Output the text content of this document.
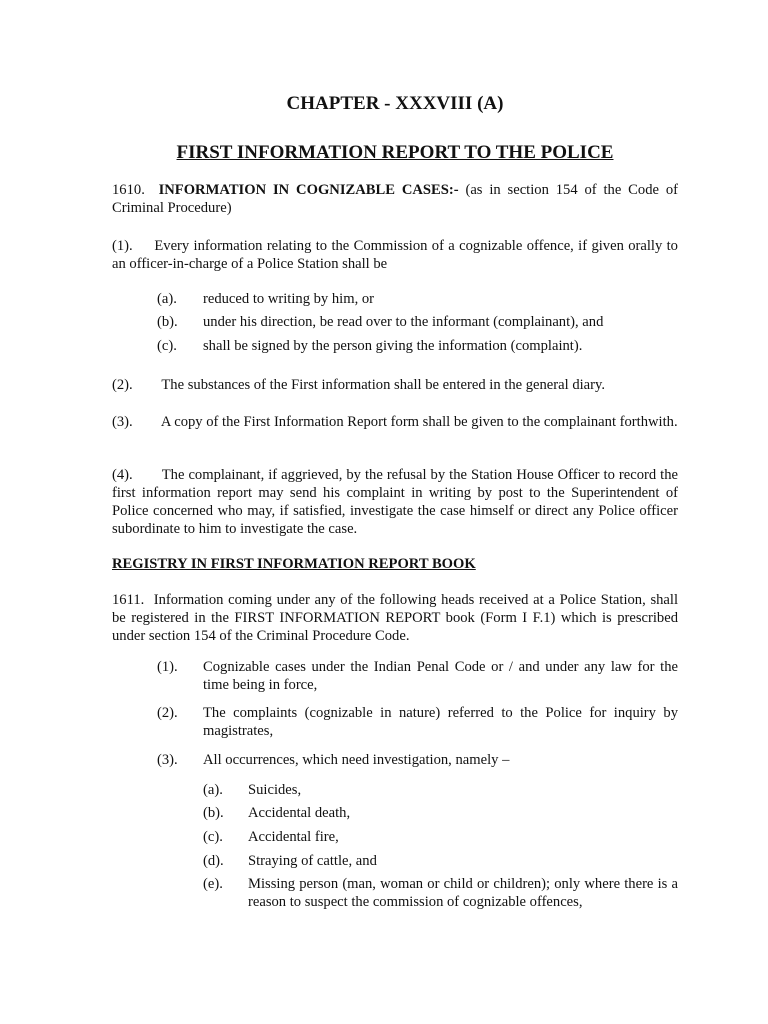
CHAPTER - XXXVIII (A)
FIRST INFORMATION REPORT TO THE POLICE
1610. INFORMATION IN COGNIZABLE CASES:- (as in section 154 of the Code of Criminal Procedure)
(1). Every information relating to the Commission of a cognizable offence, if given orally to an officer-in-charge of a Police Station shall be
(a).	reduced to writing by him, or
(b).	under his direction, be read over to the informant (complainant), and
(c).	shall be signed by the person giving the information (complaint).
(2). The substances of the First information shall be entered in the general diary.
(3). A copy of the First Information Report form shall be given to the complainant forthwith.
(4). The complainant, if aggrieved, by the refusal by the Station House Officer to record the first information report may send his complaint in writing by post to the Superintendent of Police concerned who may, if satisfied, investigate the case himself or direct any Police officer subordinate to him to investigate the case.
REGISTRY IN FIRST INFORMATION REPORT BOOK
1611. Information coming under any of the following heads received at a Police Station, shall be registered in the FIRST INFORMATION REPORT book (Form I F.1) which is prescribed under section 154 of the Criminal Procedure Code.
(1).	Cognizable cases under the Indian Penal Code or / and under any law for the time being in force,
(2).	The complaints (cognizable in nature) referred to the Police for inquiry by magistrates,
(3).	All occurrences, which need investigation, namely –
(a).	Suicides,
(b).	Accidental death,
(c).	Accidental fire,
(d).	Straying of cattle, and
(e).	Missing person (man, woman or child or children); only where there is a reason to suspect the commission of cognizable offences,
